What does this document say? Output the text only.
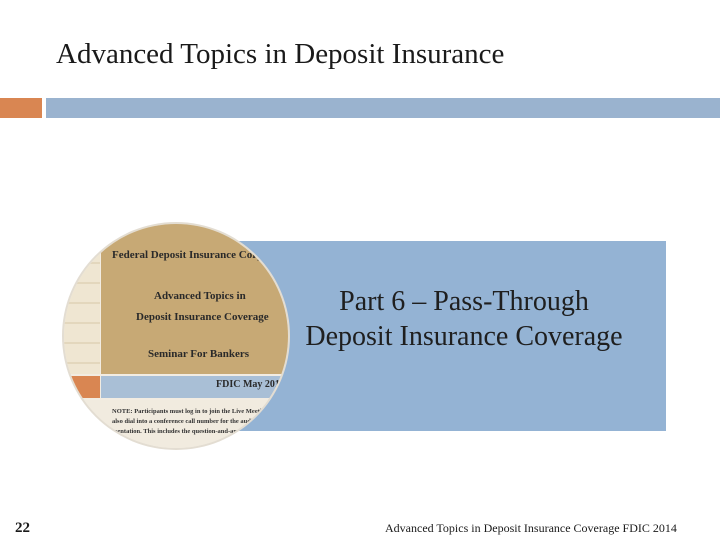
Advanced Topics in Deposit Insurance
Part 6 – Pass-Through Deposit Insurance Coverage
Federal Deposit Insurance Corpo
Advanced Topics in
Deposit Insurance Coverage
Seminar For Bankers
FDIC May 201
NOTE: Participants must log in to join the Live Meeting po
also dial into a conference call number for the audio por
esentation. This includes the question-and-answ
22	Advanced Topics in Deposit Insurance Coverage FDIC 2014
